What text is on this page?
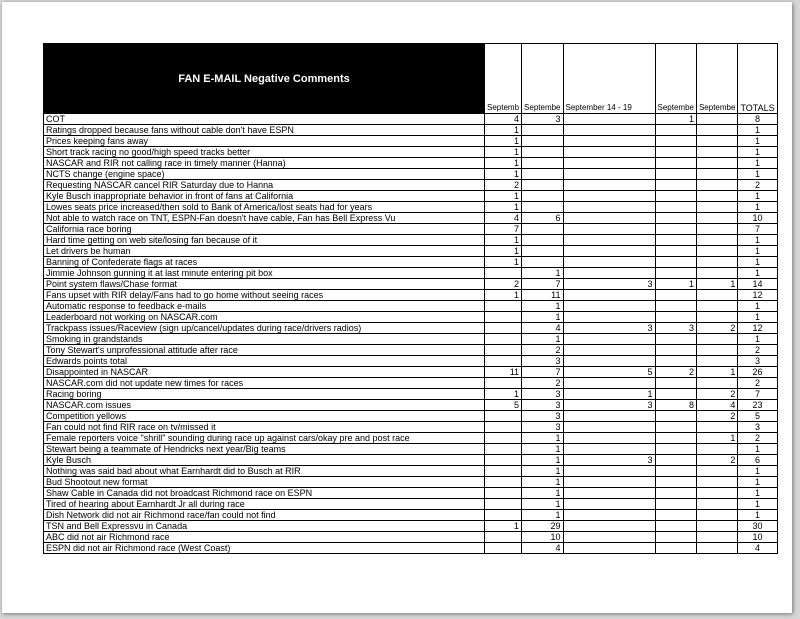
FAN E-MAIL Negative Comments	Septemb	Septembe	September 14 - 19	Septembe	Septembe	TOTALS

COT	4	3		1		8
Ratings dropped because fans without cable don't have ESPN	1					1
Prices keeping fans away	1					1
Short track racing no good/high speed tracks better	1					1
NASCAR and RIR not calling race in timely manner (Hanna)	1					1
NCTS change (engine space)	1					1
Requesting NASCAR cancel RIR Saturday due to Hanna	2					2
Kyle Busch inappropriate behavior in front of fans at California	1					1
Lowes seats price increased/then sold to Bank of America/lost seats had for years	1					1
Not able to watch race on TNT, ESPN-Fan doesn't have cable, Fan has Bell Express Vu	4	6				10
California race boring	7					7
Hard time getting on web site/losing fan because of it	1					1
Let drivers be human	1					1
Banning of Confederate flags at races	1					1
Jimmie Johnson gunning it at last minute entering pit box		1				1
Point system flaws/Chase format	2	7	3	1	1	14
Fans upset with RIR delay/Fans had to go home without seeing races	1	11				12
Automatic response to feedback e-mails		1				1
Leaderboard not working on NASCAR.com		1				1
Trackpass issues/Raceview (sign up/cancel/updates during race/drivers radios)		4	3	3	2	12
Smoking in grandstands		1				1
Tony Stewart's unprofessional attitude after race		2				2
Edwards points total		3				3
Disappointed in NASCAR	11	7	5	2	1	26
NASCAR.com did not update new times for races		2				2
Racing boring	1	3	1		2	7
NASCAR.com issues	5	3	3	8	4	23
Competition yellows		3			2	5
Fan could not find RIR race on tv/missed it		3				3
Female reporters voice "shrill" sounding during race up against cars/okay pre and post race		1			1	2
Stewart being a teammate of Hendricks next year/Big teams		1				1
Kyle Busch		1	3		2	6
Nothing was said bad about what Earnhardt did to Busch at RIR		1				1
Bud Shootout new format		1				1
Shaw Cable in Canada did not broadcast Richmond race on ESPN		1				1
Tired of hearing about Earnhardt Jr all during race		1				1
Dish Network did not air Richmond race/fan could not find		1				1
TSN and Bell Expressvu in Canada	1	29				30
ABC did not air Richmond race		10				10
ESPN did not air Richmond race (West Coast)		4				4
